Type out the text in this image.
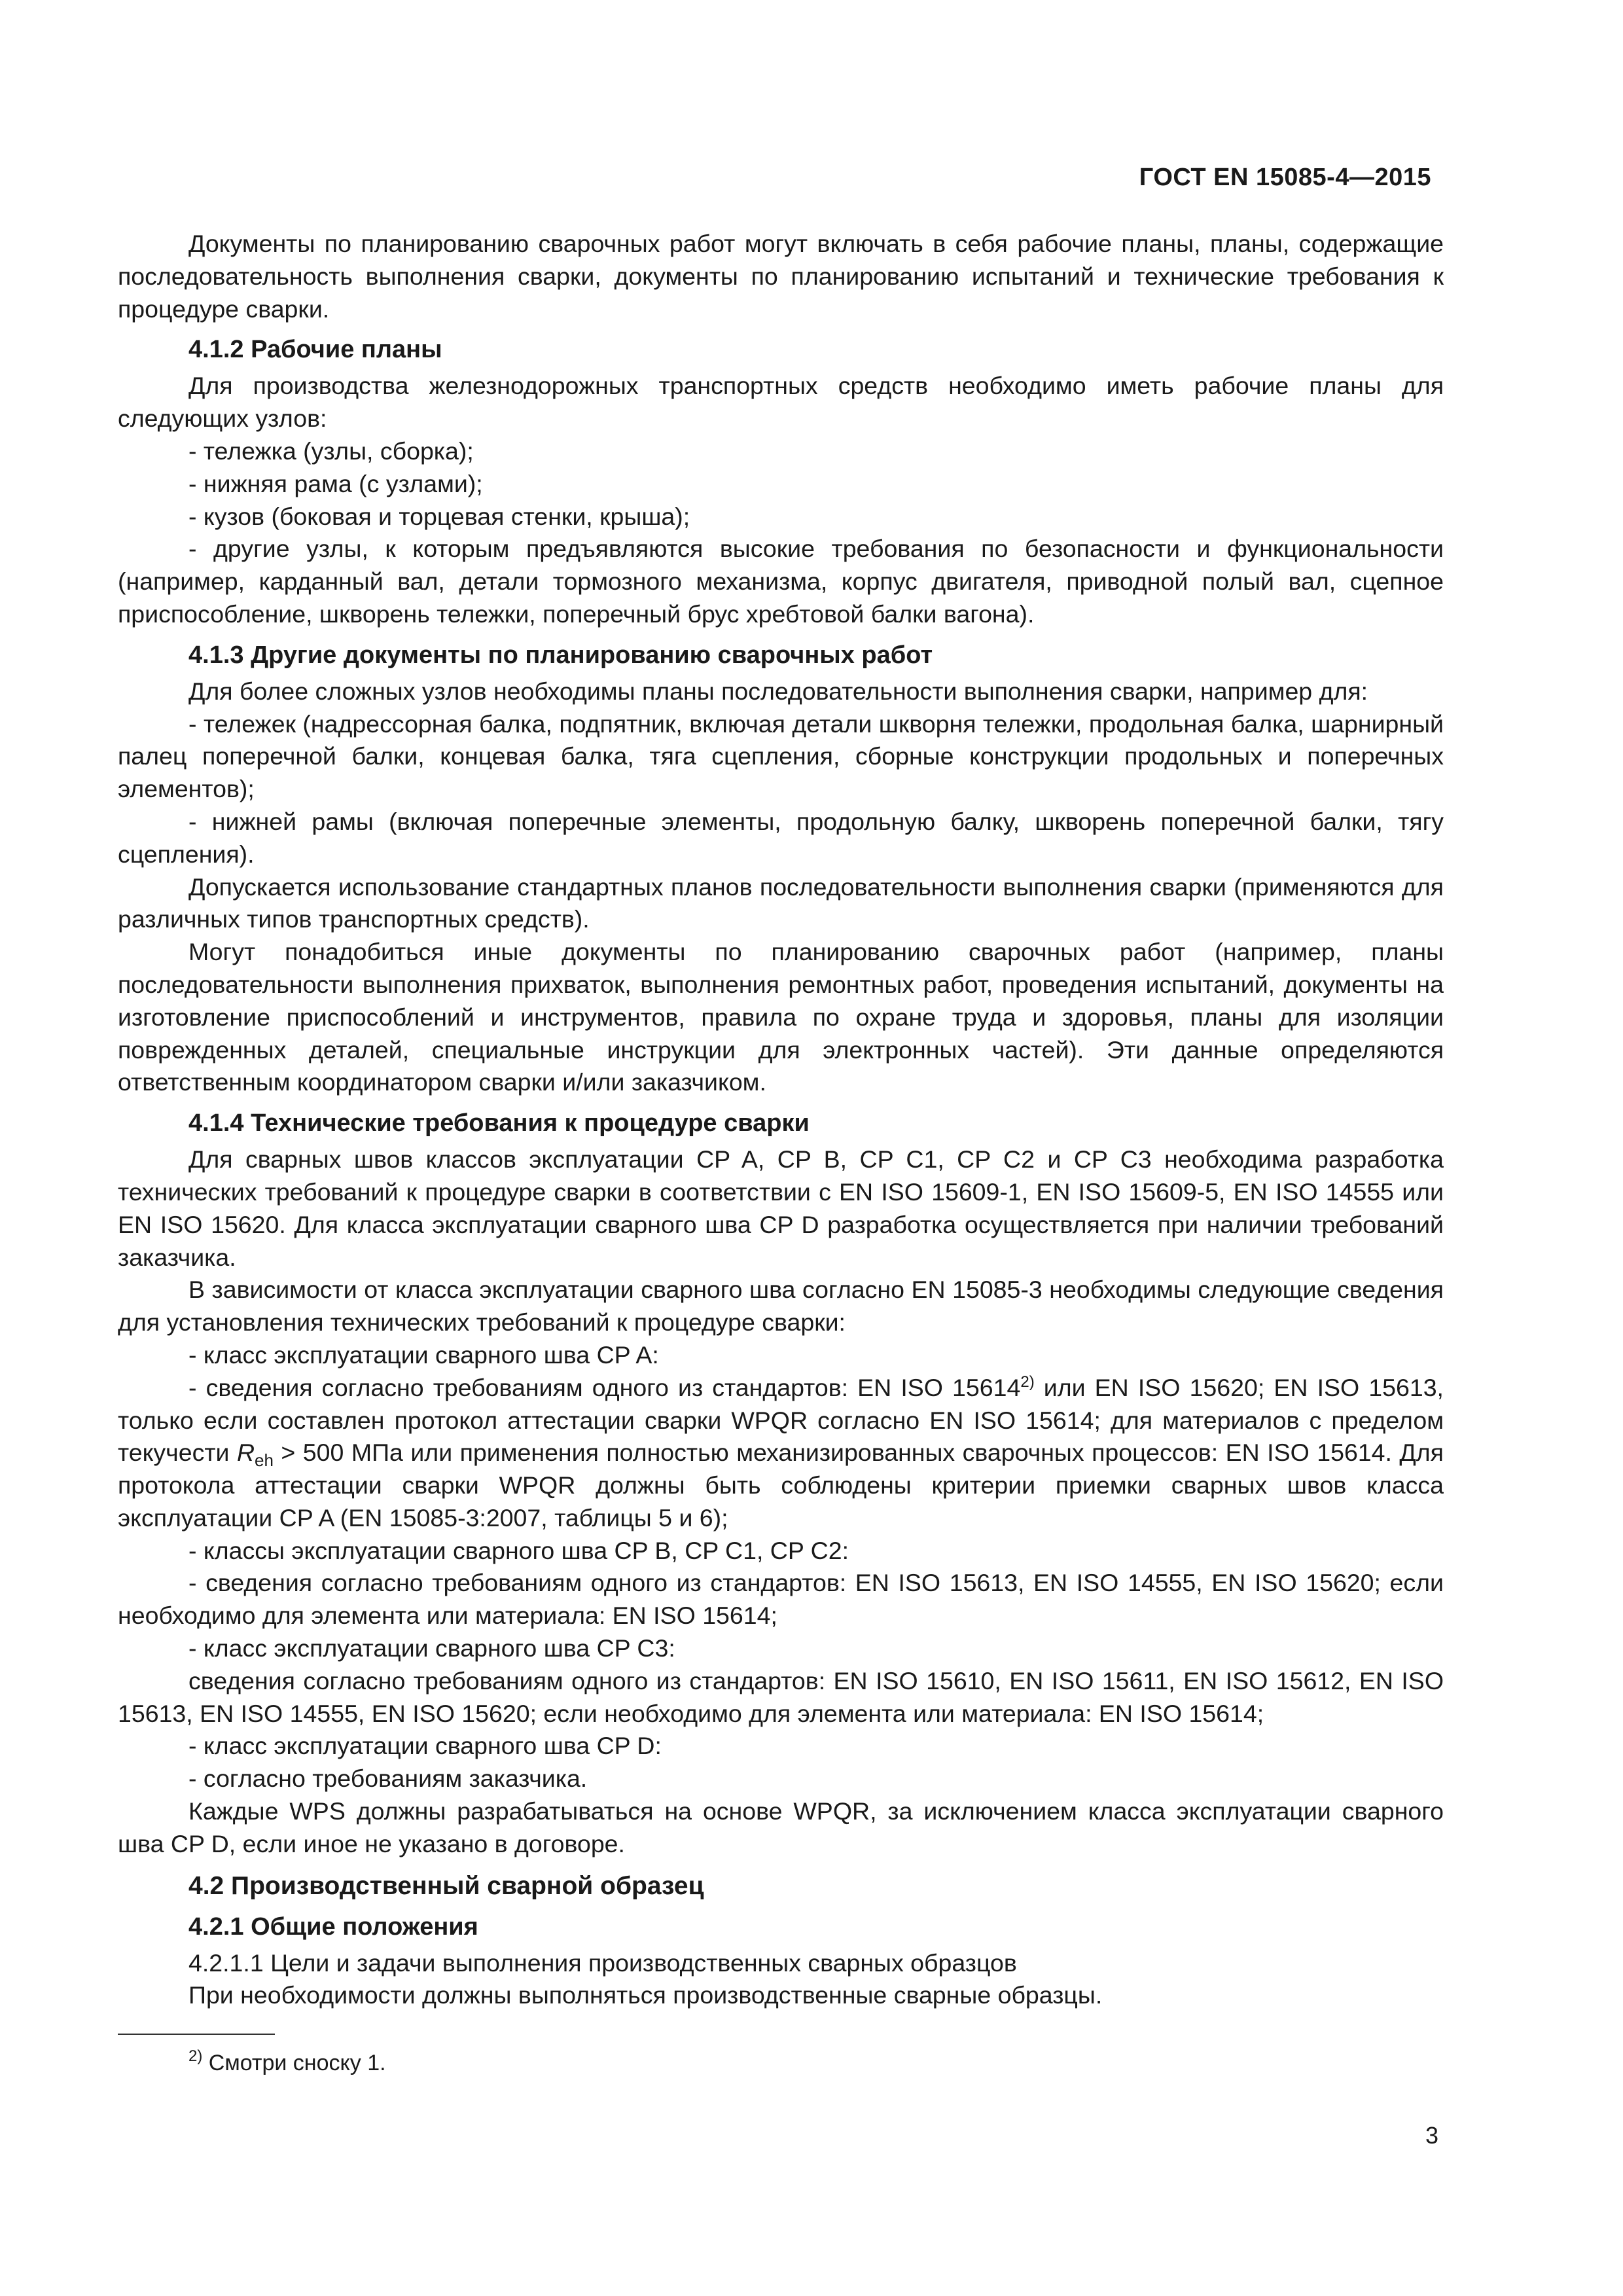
ГОСТ EN 15085-4—2015

Документы по планированию сварочных работ могут включать в себя рабочие планы, планы, содержащие последовательность выполнения сварки, документы по планированию испытаний и технические требования к процедуре сварки.

4.1.2 Рабочие планы

Для производства железнодорожных транспортных средств необходимо иметь рабочие планы для следующих узлов:

- тележка (узлы, сборка);

- нижняя рама (с узлами);

- кузов (боковая и торцевая стенки, крыша);

- другие узлы, к которым предъявляются высокие требования по безопасности и функциональности (например, карданный вал, детали тормозного механизма, корпус двигателя, приводной полый вал, сцепное приспособление, шкворень тележки, поперечный брус хребтовой балки вагона).

4.1.3 Другие документы по планированию сварочных работ

Для более сложных узлов необходимы планы последовательности выполнения сварки, например для:

- тележек (надрессорная балка, подпятник, включая детали шкворня тележки, продольная балка, шарнирный палец поперечной балки, концевая балка, тяга сцепления, сборные конструкции продольных и поперечных элементов);

- нижней рамы (включая поперечные элементы, продольную балку, шкворень поперечной балки, тягу сцепления).

Допускается использование стандартных планов последовательности выполнения сварки (применяются для различных типов транспортных средств).

Могут понадобиться иные документы по планированию сварочных работ (например, планы последовательности выполнения прихваток, выполнения ремонтных работ, проведения испытаний, документы на изготовление приспособлений и инструментов, правила по охране труда и здоровья, планы для изоляции поврежденных деталей, специальные инструкции для электронных частей). Эти данные определяются ответственным координатором сварки и/или заказчиком.

4.1.4 Технические требования к процедуре сварки

Для сварных швов классов эксплуатации CP A, CP B, CP C1, CP C2 и CP C3 необходима разработка технических требований к процедуре сварки в соответствии с EN ISO 15609-1, EN ISO 15609-5, EN ISO 14555 или EN ISO 15620. Для класса эксплуатации сварного шва CP D разработка осуществляется при наличии требований заказчика.

В зависимости от класса эксплуатации сварного шва согласно EN 15085-3 необходимы следующие сведения для установления технических требований к процедуре сварки:

- класс эксплуатации сварного шва CP A:

- сведения согласно требованиям одного из стандартов: EN ISO 15614$^{2)}$ или EN ISO 15620; EN ISO 15613, только если составлен протокол аттестации сварки WPQR согласно EN ISO 15614; для материалов с пределом текучести $R_{eh} > 500$ МПа или применения полностью механизированных сварочных процессов: EN ISO 15614. Для протокола аттестации сварки WPQR должны быть соблюдены критерии приемки сварных швов класса эксплуатации CP A (EN 15085-3:2007, таблицы 5 и 6);

- классы эксплуатации сварного шва CP B, CP C1, CP C2:

- сведения согласно требованиям одного из стандартов: EN ISO 15613, EN ISO 14555, EN ISO 15620; если необходимо для элемента или материала: EN ISO 15614;

- класс эксплуатации сварного шва CP C3:

сведения согласно требованиям одного из стандартов: EN ISO 15610, EN ISO 15611, EN ISO 15612, EN ISO 15613, EN ISO 14555, EN ISO 15620; если необходимо для элемента или материала: EN ISO 15614;

- класс эксплуатации сварного шва CP D:

- согласно требованиям заказчика.

Каждые WPS должны разрабатываться на основе WPQR, за исключением класса эксплуатации сварного шва CP D, если иное не указано в договоре.

4.2 Производственный сварной образец
4.2.1 Общие положения

4.2.1.1 Цели и задачи выполнения производственных сварных образцов

При необходимости должны выполняться производственные сварные образцы.

$^{2)}$ Смотри сноску 1.
3
